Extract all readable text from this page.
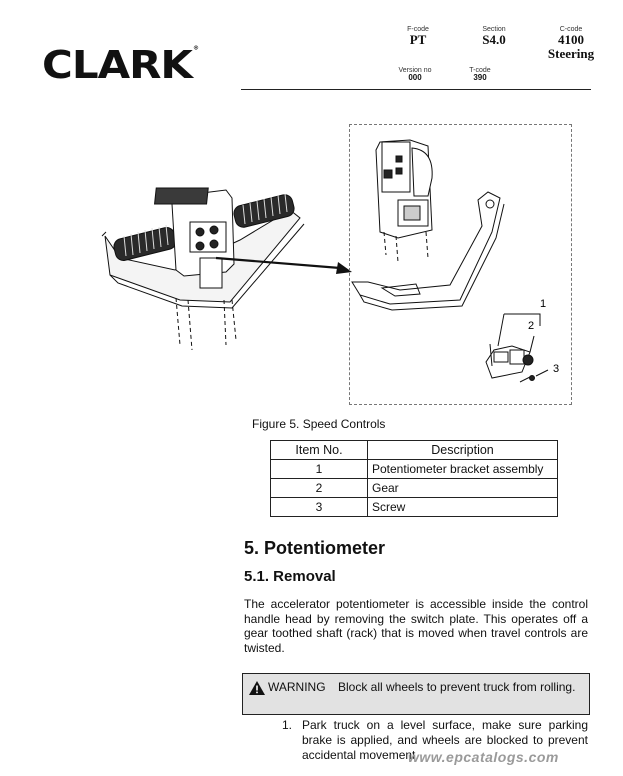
CLARK®
F-code
PT
Section
S4.0
C-code
4100
Steering
Version no
000
T-code
390
1
2
3
Figure 5. Speed Controls
Item No.	Description
1	Potentiometer bracket assembly
2	Gear
3	Screw
5. Potentiometer
5.1. Removal

The accelerator potentiometer is accessible inside the control handle head by removing the switch plate. This operates off a gear toothed shaft (rack) that is moved when travel controls are twisted.

WARNING Block all wheels to prevent truck from rolling.
1. Park truck on a level surface, make sure parking brake is applied, and wheels are blocked to prevent accidental movement.
www.epcatalogs.com
